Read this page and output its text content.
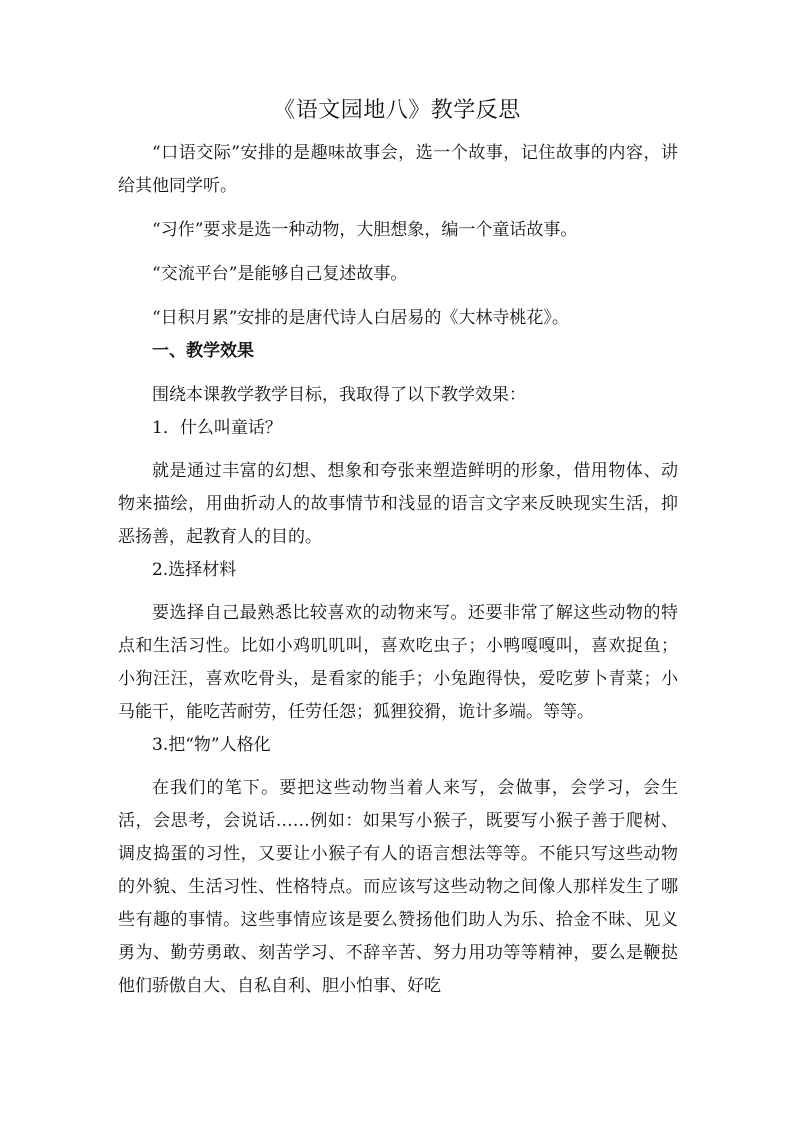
《语文园地八》教学反思

“口语交际”安排的是趣味故事会，选一个故事，记住故事的内容，讲给其他同学听。

“习作”要求是选一种动物，大胆想象，编一个童话故事。

“交流平台”是能够自己复述故事。

“日积月累”安排的是唐代诗人白居易的《大林寺桃花》。

一、教学效果

围绕本课教学教学目标，我取得了以下教学效果：

1．什么叫童话？

就是通过丰富的幻想、想象和夸张来塑造鲜明的形象，借用物体、动物来描绘，用曲折动人的故事情节和浅显的语言文字来反映现实生活，抑恶扬善，起教育人的目的。

2.选择材料

要选择自己最熟悉比较喜欢的动物来写。还要非常了解这些动物的特点和生活习性。比如小鸡叽叽叫，喜欢吃虫子；小鸭嘎嘎叫，喜欢捉鱼；小狗汪汪，喜欢吃骨头，是看家的能手；小兔跑得快，爱吃萝卜青菜；小马能干，能吃苦耐劳，任劳任怨；狐狸狡猾，诡计多端。等等。

3.把“物”人格化

在我们的笔下。要把这些动物当着人来写，会做事，会学习，会生活，会思考，会说话……例如：如果写小猴子，既要写小猴子善于爬树、调皮捣蛋的习性，又要让小猴子有人的语言想法等等。不能只写这些动物的外貌、生活习性、性格特点。而应该写这些动物之间像人那样发生了哪些有趣的事情。这些事情应该是要么赞扬他们助人为乐、拾金不昧、见义勇为、勤劳勇敢、刻苦学习、不辞辛苦、努力用功等等精神，要么是鞭挞他们骄傲自大、自私自利、胆小怕事、好吃
